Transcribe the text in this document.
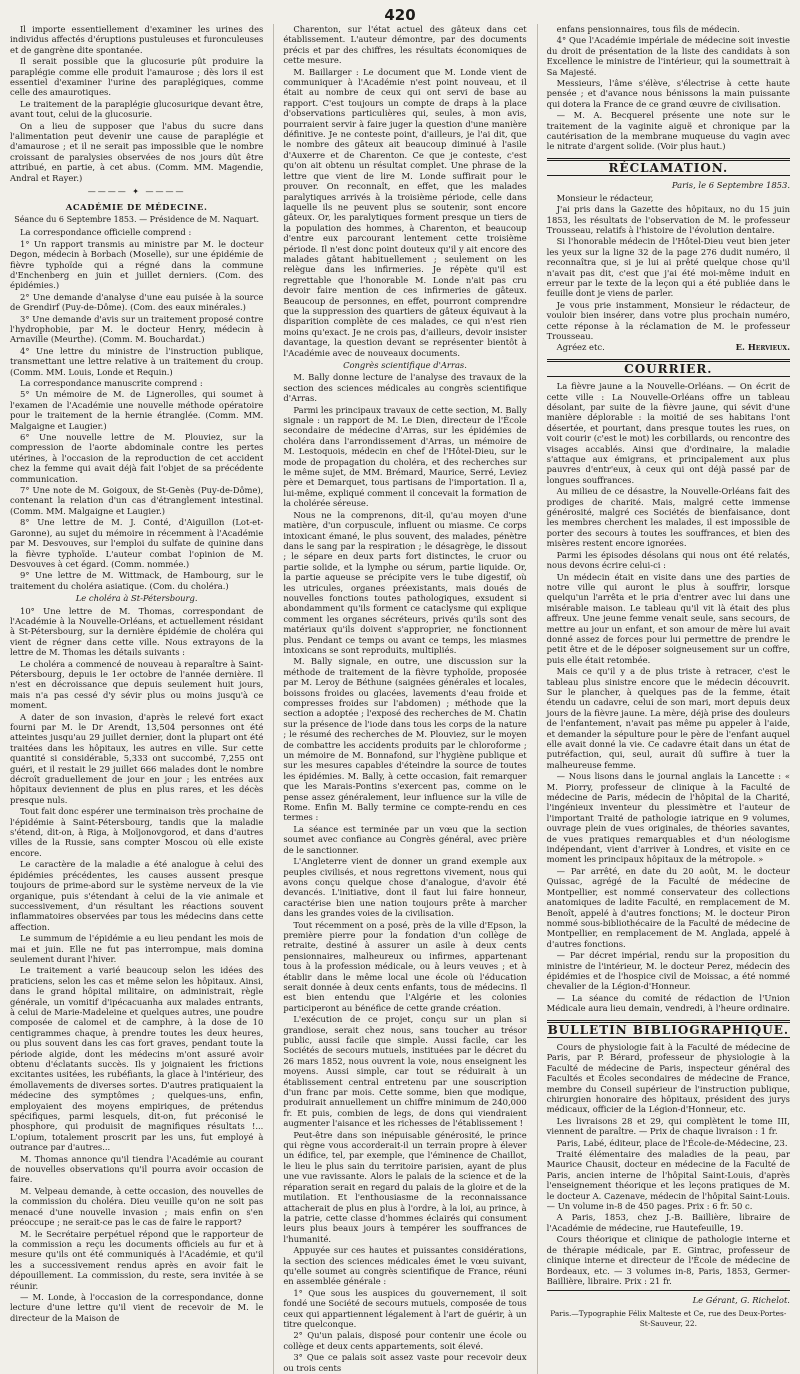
420

Il importe essentiellement d'examiner les urines des individus affectés d'éruptions pustuleuses et furonculeuses et de gangrène dite spontanée.

Il serait possible que la glucosurie pût produire la paraplégie comme elle produit l'amaurose ; dès lors il est essentiel d'examiner l'urine des paraplégiques, comme celle des amaurotiques.

Le traitement de la paraplégie glucosurique devant être, avant tout, celui de la glucosurie.

On a lieu de supposer que l'abus du sucre dans l'alimentation peut devenir une cause de paraplégie et d'amaurose ; et il ne serait pas impossible que le nombre croissant de paralysies observées de nos jours dût être attribué, en partie, à cet abus. (Comm. MM. Magendie, Andral et Rayer.)

———— ✦ ————
ACADÉMIE DE MÉDECINE.
Séance du 6 Septembre 1853. — Présidence de M. Naquart.

La correspondance officielle comprend :

1° Un rapport transmis au ministre par M. le docteur Degon, médecin à Borbach (Moselle), sur une épidémie de fièvre typhoïde qui a régné dans la commune d'Enchenberg en juin et juillet derniers. (Com. des épidémies.)

2° Une demande d'analyse d'une eau puisée à la source de Grendirf (Puy-de-Dôme). (Com. des eaux minérales.)

3° Une demande d'avis sur un traitement proposé contre l'hydrophobie, par M. le docteur Henry, médecin à Arnaville (Meurthe). (Comm. M. Bouchardat.)

4° Une lettre du ministre de l'instruction publique, transmettant une lettre relative à un traitement du croup. (Comm. MM. Louis, Londe et Requin.)

La correspondance manuscrite comprend :

5° Un mémoire de M. de Lignerolles, qui soumet à l'examen de l'Académie une nouvelle méthode opératoire pour le traitement de la hernie étranglée. (Comm. MM. Malgaigne et Laugier.)

6° Une nouvelle lettre de M. Plouviez, sur la compression de l'aorte abdominale contre les pertes utérines, à l'occasion de la reproduction de cet accident chez la femme qui avait déjà fait l'objet de sa précédente communication.

7° Une note de M. Goigoux, de St-Genès (Puy-de-Dôme), contenant la relation d'un cas d'étranglement intestinal. (Comm. MM. Malgaigne et Laugier.)

8° Une lettre de M. J. Conté, d'Aiguillon (Lot-et-Garonne), au sujet du mémoire in récemment à l'Académie par M. Desvouves, sur l'emploi du sulfate de quinine dans la fièvre typhoïde. L'auteur combat l'opinion de M. Desvouves à cet égard. (Comm. nommée.)

9° Une lettre de M. Wittmack, de Hambourg, sur le traitement du choléra asiatique. (Com. du choléra.)

Le choléra à St-Pétersbourg.

10° Une lettre de M. Thomas, correspondant de l'Académie à la Nouvelle-Orléans, et actuellement résidant à St-Pétersbourg, sur la dernière épidémie de choléra qui vient de régner dans cette ville. Nous extrayons de la lettre de M. Thomas les détails suivants :

Le choléra a commencé de nouveau à reparaître à Saint-Pétersbourg, depuis le 1er octobre de l'année dernière. Il n'est en décroissance que depuis seulement huit jours, mais n'a pas cessé d'y sévir plus ou moins jusqu'à ce moment.

A dater de son invasion, d'après le relevé fort exact fourni par M. le Dr Arendt, 13,504 personnes ont été atteintes jusqu'au 29 juillet dernier, dont la plupart ont été traitées dans les hôpitaux, les autres en ville. Sur cette quantité si considérable, 5,333 ont succombé, 7,255 ont guéri, et il restait le 29 juillet 666 malades dont le nombre décroît graduellement de jour en jour ; les entrées aux hôpitaux deviennent de plus en plus rares, et les décès presque nuls.

Tout fait donc espérer une terminaison très prochaine de l'épidémie à Saint-Pétersbourg, tandis que la maladie s'étend, dit-on, à Riga, à Moïjonovgorod, et dans d'autres villes de la Russie, sans compter Moscou où elle existe encore.

Le caractère de la maladie a été analogue à celui des épidémies précédentes, les causes aussent presque toujours de prime-abord sur le système nerveux de la vie organique, puis s'étendant à celui de la vie animale et successivement, d'un résultant les réactions souvent inflammatoires observées par tous les médecins dans cette affection.

Le summum de l'épidémie a eu lieu pendant les mois de mai et juin. Elle ne fut pas interrompue, mais domina seulement durant l'hiver.

Le traitement a varié beaucoup selon les idées des praticiens, selon les cas et même selon les hôpitaux. Ainsi, dans le grand hôpital militaire, on administrait, règle générale, un vomitif d'ipécacuanha aux malades entrants, à celui de Marie-Madeleine et quelques autres, une poudre composée de calomel et de camphre, à la dose de 10 centigrammes chaque, à prendre toutes les deux heures, ou plus souvent dans les cas fort graves, pendant toute la période algide, dont les médecins m'ont assuré avoir obtenu d'éclatants succès. Ils y joignaient les frictions excitantes usitées, les rubéfiants, la glace à l'intérieur, des émollavements de diverses sortes. D'autres pratiquaient la médecine des symptômes ; quelques-uns, enfin, employaient des moyens empiriques, de prétendus spécifiques, parmi lesquels, dit-on, fut préconisé le phosphore, qui produisit de magnifiques résultats !... L'opium, totalement proscrit par les uns, fut employé à outrance par d'autres...

M. Thomas annonce qu'il tiendra l'Académie au courant de nouvelles observations qu'il pourra avoir occasion de faire.

M. Velpeau demande, à cette occasion, des nouvelles de la commission du choléra. Dieu veuille qu'on ne soit pas menacé d'une nouvelle invasion ; mais enfin on s'en préoccupe ; ne serait-ce pas le cas de faire le rapport?

M. le Secrétaire perpétuel répond que le rapporteur de la commission a reçu les documents officiels au fur et à mesure qu'ils ont été communiqués à l'Académie, et qu'il les a successivement rendus après en avoir fait le dépouillement. La commission, du reste, sera invitée à se réunir.

— M. Londe, à l'occasion de la correspondance, donne lecture d'une lettre qu'il vient de recevoir de M. le directeur de la Maison de

Charenton, sur l'état actuel des gâteux dans cet établissement. L'auteur démontre, par des documents précis et par des chiffres, les résultats économiques de cette mesure.

M. Baillarger : Le document que M. Londe vient de communiquer à l'Académie n'est point nouveau, et il était au nombre de ceux qui ont servi de base au rapport. C'est toujours un compte de draps à la place d'observations particulières qui, seules, à mon avis, pourraient servir à faire juger la question d'une manière définitive. Je ne conteste point, d'ailleurs, je l'ai dit, que le nombre des gâteux ait beaucoup diminué à l'asile d'Auxerre et de Charenton. Ce que je conteste, c'est qu'on ait obtenu un résultat complet. Une phrase de la lettre que vient de lire M. Londe suffirait pour le prouver. On reconnaît, en effet, que les malades paralytiques arrivés à la troisième période, celle dans laquelle ils ne peuvent plus se soutenir, sont encore gâteux. Or, les paralytiques forment presque un tiers de la population des hommes, à Charenton, et beaucoup d'entre eux parcourant lentement cette troisième période. Il n'est donc point douteux qu'il y ait encore des malades gâtant habituellement ; seulement on les relègue dans les infirmeries. Je répète qu'il est regrettable que l'honorable M. Londe n'ait pas cru devoir faire mention de ces infirmeries de gâteux. Beaucoup de personnes, en effet, pourront comprendre que la suppression des quartiers de gâteux équivaut à la disparition complète de ces malades, ce qui n'est rien moins qu'exact. Je ne crois pas, d'ailleurs, devoir insister davantage, la question devant se représenter bientôt à l'Académie avec de nouveaux documents.

Congrès scientifique d'Arras.

M. Bally donne lecture de l'analyse des travaux de la section des sciences médicales au congrès scientifique d'Arras.

Parmi les principaux travaux de cette section, M. Bally signale : un rapport de M. Le Dien, directeur de l'École secondaire de médecine d'Arras, sur les épidémies de choléra dans l'arrondissement d'Arras, un mémoire de M. Lestoquois, médecin en chef de l'Hôtel-Dieu, sur le mode de propagation du choléra, et des recherches sur le même sujet, de MM. Brémard, Maurice, Serré, Leviez père et Demarquet, tous partisans de l'importation. Il a, lui-même, expliqué comment il concevait la formation de la cholérée séreuse.

Nous ne la comprenons, dit-il, qu'au moyen d'une matière, d'un corpuscule, influent ou miasme. Ce corps intoxicant émané, le plus souvent, des malades, pénètre dans le sang par la respiration ; le désagrège, le dissout ; le sépare en deux parts fort distinctes, le cruor ou partie solide, et la lymphe ou sérum, partie liquide. Or, la partie aqueuse se précipite vers le tube digestif, où les utricules, organes préexistants, mais doués de nouvelles fonctions toutes pathologiques, exsudent si abondamment qu'ils forment ce cataclysme qui explique comment les organes sécréteurs, privés qu'ils sont des matériaux qu'ils doivent s'approprier, ne fonctionnent plus. Pendant ce temps ou avant ce temps, les miasmes intoxicans se sont reproduits, multipliés.

M. Bally signale, en outre, une discussion sur la méthode de traitement de la fièvre typhoïde, proposée par M. Leroy de Béthune (saignées générales et locales, boissons froides ou glacées, lavements d'eau froide et compresses froides sur l'abdomen) ; méthode que la section a adoptée ; l'exposé des recherches de M. Chatin sur la présence de l'iode dans tous les corps de la nature ; le résumé des recherches de M. Plouviez, sur le moyen de combattre les accidents produits par le chloroforme ; un mémoire de M. Bonnafond, sur l'hygiène publique et sur les mesures capables d'éteindre la source de toutes les épidémies. M. Bally, à cette occasion, fait remarquer que les Marais-Pontins s'exercent pas, comme on le pense assez généralement, leur influence sur la ville de Rome. Enfin M. Bally termine ce compte-rendu en ces termes :

La séance est terminée par un vœu que la section soumet avec confiance au Congrès général, avec prière de le sanctionner.

L'Angleterre vient de donner un grand exemple aux peuples civilisés, et nous regrettons vivement, nous qui avons conçu quelque chose d'analogue, d'avoir été devancés. L'initiative, dont il faut lui faire honneur, caractérise bien une nation toujours prête à marcher dans les grandes voies de la civilisation.

Tout récemment on a posé, près de la ville d'Epson, la première pierre pour la fondation d'un collège de retraite, destiné à assurer un asile à deux cents pensionnaires, malheureux ou infirmes, appartenant tous à la profession médicale, ou à leurs veuves ; et à établir dans le même local une école où l'éducation serait donnée à deux cents enfants, tous de médecins. Il est bien entendu que l'Algérie et les colonies participeront au bénéfice de cette grande création.

L'exécution de ce projet, conçu sur un plan si grandiose, serait chez nous, sans toucher au trésor public, aussi facile que simple. Aussi facile, car les Sociétés de secours mutuels, instituées par le décret du 26 mars 1852, nous ouvrent la voie, nous enseignent les moyens. Aussi simple, car tout se réduirait à un établissement central entretenu par une souscription d'un franc par mois. Cette somme, bien que modique, produirait annuellement un chiffre minimum de 240,000 fr. Et puis, combien de legs, de dons qui viendraient augmenter l'aisance et les richesses de l'établissement !

Peut-être dans son inépuisable générosité, le prince qui règne vous accorderait-il un terrain propre à élever un édifice, tel, par exemple, que l'éminence de Chaillot, le lieu le plus sain du territoire parisien, ayant de plus une vue ravissante. Alors le palais de la science et de la réparation serait en regard du palais de la gloire et de la mutilation. Et l'enthousiasme de la reconnaissance attacherait de plus en plus à l'ordre, à la loi, au prince, à la patrie, cette classe d'hommes éclairés qui consument leurs plus beaux jours à tempérer les souffrances de l'humanité.

Appuyée sur ces hautes et puissantes considérations, la section des sciences médicales émet le vœu suivant, qu'elle soumet au congrès scientifique de France, réuni en assemblée générale :

1° Que sous les auspices du gouvernement, il soit fondé une Société de secours mutuels, composée de tous ceux qui appartiennent légalement à l'art de guérir, à un titre quelconque.

2° Qu'un palais, disposé pour contenir une école ou collège et deux cents appartements, soit élevé.

3° Que ce palais soit assez vaste pour recevoir deux ou trois cents

enfans pensionnaires, tous fils de médecin.

4° Que l'Académie impériale de médecine soit investie du droit de présentation de la liste des candidats à son Excellence le ministre de l'intérieur, qui la soumettrait à Sa Majesté.

Messieurs, l'âme s'élève, s'électrise à cette haute pensée ; et d'avance nous bénissons la main puissante qui dotera la France de ce grand œuvre de civilisation.

— M. A. Becquerel présente une note sur le traitement de la vaginite aiguë et chronique par la cautérisation de la membrane muqueuse du vagin avec le nitrate d'argent solide. (Voir plus haut.)

RÉCLAMATION.
Paris, le 6 Septembre 1853.

Monsieur le rédacteur,

J'ai pris dans la Gazette des hôpitaux, no du 15 juin 1853, les résultats de l'observation de M. le professeur Trousseau, relatifs à l'histoire de l'évolution dentaire.

Si l'honorable médecin de l'Hôtel-Dieu veut bien jeter les yeux sur la ligne 32 de la page 276 dudit numéro, il reconnaîtra que, si je lui ai prêté quelque chose qu'il n'avait pas dit, c'est que j'ai été moi-même induit en erreur par le texte de la leçon qui a été publiée dans le feuille dont je viens de parler.

Je vous prie instamment, Monsieur le rédacteur, de vouloir bien insérer, dans votre plus prochain numéro, cette réponse à la réclamation de M. le professeur Trousseau.

Agréez etc.	E. Hervieux.
COURRIER.

La fièvre jaune a la Nouvelle-Orléans. — On écrit de cette ville : La Nouvelle-Orléans offre un tableau désolant, par suite de la fièvre jaune, qui sévit d'une manière déplorable : la moitié de ses habitans l'ont désertée, et pourtant, dans presque toutes les rues, on voit courir (c'est le mot) les corbillards, ou rencontre des visages accablés. Ainsi que d'ordinaire, la maladie s'attaque aux émigrans, et principalement aux plus pauvres d'entr'eux, à ceux qui ont déjà passé par de longues souffrances.

Au milieu de ce désastre, la Nouvelle-Orléans fait des prodiges de charité. Mais, malgré cette immense générosité, malgré ces Sociétés de bienfaisance, dont les membres cherchent les malades, il est impossible de porter des secours à toutes les souffrances, et bien des misères restent encore ignorées.

Parmi les épisodes désolans qui nous ont été relatés, nous devons écrire celui-ci :

Un médecin était en visite dans une des parties de notre ville qui auront le plus à souffrir, lorsque quelqu'un l'arrêta et le pria d'entrer avec lui dans une misérable maison. Le tableau qu'il vit là était des plus affreux. Une jeune femme venait seule, sans secours, de mettre au jour un enfant, et son amour de mère lui avait donné assez de forces pour lui permettre de prendre le petit être et de le déposer soigneusement sur un coffre, puis elle était retombée.

Mais ce qu'il y a de plus triste à retracer, c'est le tableau plus sinistre encore que le médecin découvrit. Sur le plancher, à quelques pas de la femme, était étendu un cadavre, celui de son mari, mort depuis deux jours de la fièvre jaune. La mère, déjà prise des douleurs de l'enfantement, n'avait pas même pu appeler à l'aide, et demander la sépulture pour le père de l'enfant auquel elle avait donné la vie. Ce cadavre était dans un état de putréfaction, qui, seul, aurait dû suffire à tuer la malheureuse femme.

— Nous lisons dans le journal anglais la Lancette : « M. Piorry, professeur de clinique à la Faculté de médecine de Paris, médecin de l'hôpital de la Charité, l'ingénieux inventeur du plessimètre et l'auteur de l'important Traité de pathologie iatrique en 9 volumes, ouvrage plein de vues originales, de théories savantes, de vues pratiques remarquables et d'un néologisme indépendant, vient d'arriver à Londres, et visite en ce moment les principaux hôpitaux de la métropole. »

— Par arrêté, en date du 20 août, M. le docteur Quissac, agrégé de la Faculté de médecine de Montpellier, est nommé conservateur des collections anatomiques de ladite Faculté, en remplacement de M. Benoît, appelé à d'autres fonctions; M. le docteur Piron nommé sous-bibliothécaire de la Faculté de médecine de Montpellier, en remplacement de M. Anglada, appelé à d'autres fonctions.

— Par décret impérial, rendu sur la proposition du ministre de l'intérieur, M. le docteur Perez, médecin des épidémies et de l'hospice civil de Moissac, a été nommé chevalier de la Légion-d'Honneur.

— La séance du comité de rédaction de l'Union Médicale aura lieu demain, vendredi, à l'heure ordinaire.

BULLETIN BIBLIOGRAPHIQUE.

Cours de physiologie fait à la Faculté de médecine de Paris, par P. Bérard, professeur de physiologie à la Faculté de médecine de Paris, inspecteur général des Facultés et Écoles secondaires de médecine de France, membre du Conseil supérieur de l'instruction publique, chirurgien honoraire des hôpitaux, président des jurys médicaux, officier de la Légion-d'Honneur, etc.

Les livraisons 28 et 29, qui complètent le tome III, viennent de paraître. — Prix de chaque livraison : 1 fr.

Paris, Labé, éditeur, place de l'École-de-Médecine, 23.

Traité élémentaire des maladies de la peau, par Maurice Chausit, docteur en médecine de la Faculté de Paris, ancien interne de l'hôpital Saint-Louis, d'après l'enseignement théorique et les leçons pratiques de M. le docteur A. Cazenave, médecin de l'hôpital Saint-Louis. — Un volume in-8 de 450 pages. Prix : 6 fr. 50 c.

A Paris, 1853, chez J.-B. Baillière, libraire de l'Académie de médecine, rue Hautefeuille, 19.

Cours théorique et clinique de pathologie interne et de thérapie médicale, par E. Gintrac, professeur de clinique interne et directeur de l'École de médecine de Bordeaux, etc. — 3 volumes in-8, Paris, 1853, Germer-Baillière, libraire. Prix : 21 fr.

Le Gérant, G. Richelot.
Paris.—Typographie Félix Malteste et Ce, rue des Deux-Portes-St-Sauveur, 22.
